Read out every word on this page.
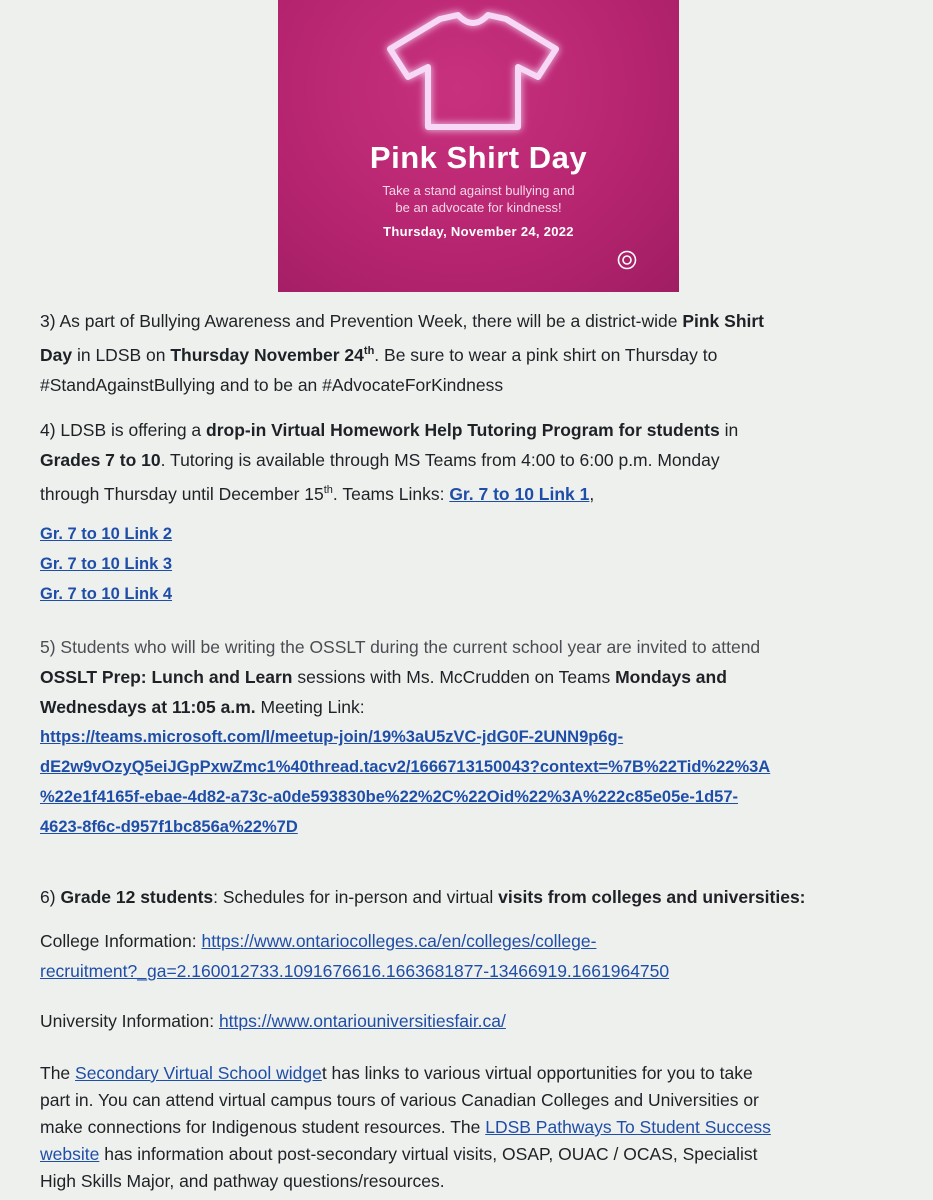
Pink Shirt Day
Take a stand against bullying and
be an advocate for kindness!
Thursday, November 24, 2022

3) As part of Bullying Awareness and Prevention Week, there will be a district-wide Pink Shirt

Day in LDSB on Thursday November 24th. Be sure to wear a pink shirt on Thursday to

#StandAgainstBullying and to be an #AdvocateForKindness

4) LDSB is offering a drop-in Virtual Homework Help Tutoring Program for students in

Grades 7 to 10. Tutoring is available through MS Teams from 4:00 to 6:00 p.m. Monday

through Thursday until December 15th. Teams Links: Gr. 7 to 10 Link 1,

Gr. 7 to 10 Link 2

Gr. 7 to 10 Link 3

Gr. 7 to 10 Link 4

5) Students who will be writing the OSSLT during the current school year are invited to attend

OSSLT Prep: Lunch and Learn sessions with Ms. McCrudden on Teams Mondays and

Wednesdays at 11:05 a.m. Meeting Link:

https://teams.microsoft.com/l/meetup-join/19%3aU5zVC-jdG0F-2UNN9p6g-

dE2w9vOzyQ5eiJGpPxwZmc1%40thread.tacv2/1666713150043?context=%7B%22Tid%22%3A

%22e1f4165f-ebae-4d82-a73c-a0de593830be%22%2C%22Oid%22%3A%222c85e05e-1d57-

4623-8f6c-d957f1bc856a%22%7D

6) Grade 12 students: Schedules for in-person and virtual visits from colleges and universities:

College Information: https://www.ontariocolleges.ca/en/colleges/college-

recruitment?_ga=2.160012733.1091676616.1663681877-13466919.1661964750

University Information: https://www.ontariouniversitiesfair.ca/

The Secondary Virtual School widget has links to various virtual opportunities for you to take

part in. You can attend virtual campus tours of various Canadian Colleges and Universities or

make connections for Indigenous student resources. The LDSB Pathways To Student Success

website has information about post-secondary virtual visits, OSAP, OUAC / OCAS, Specialist

High Skills Major, and pathway questions/resources.
